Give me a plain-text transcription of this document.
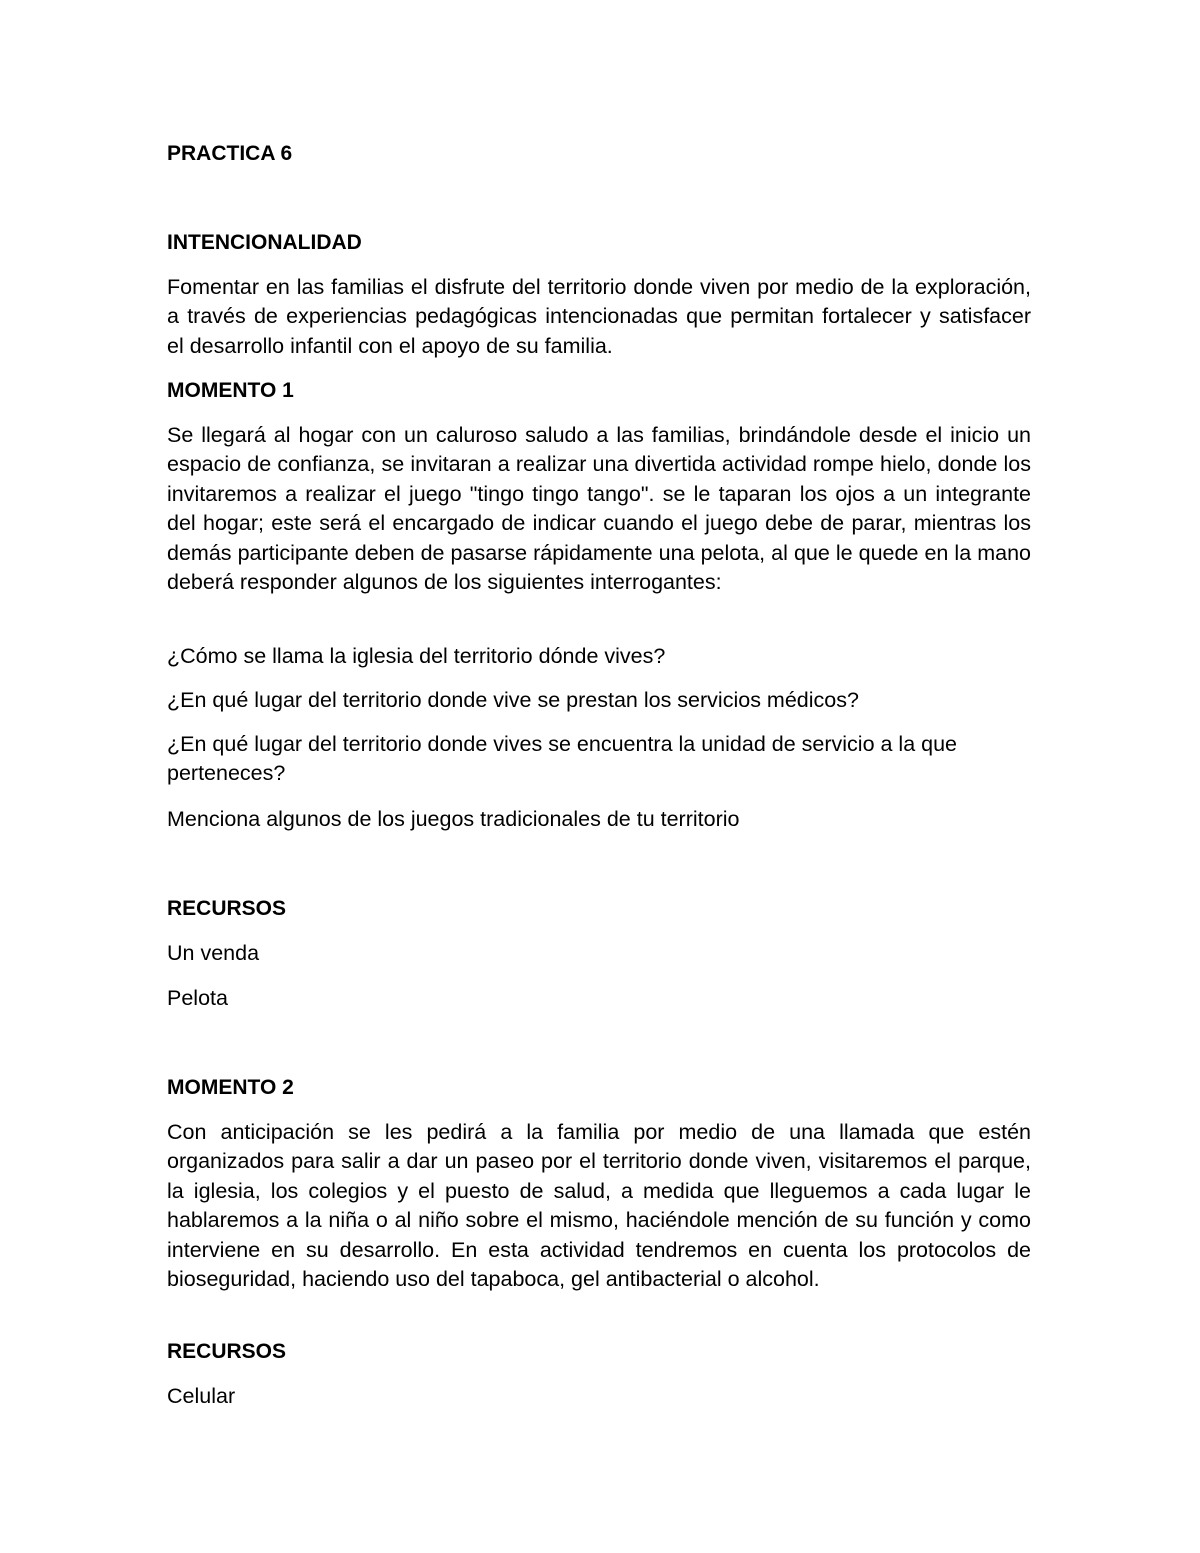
PRACTICA 6
INTENCIONALIDAD

Fomentar en las familias el disfrute del territorio donde viven por medio de la exploración, a través de experiencias pedagógicas intencionadas que permitan fortalecer y satisfacer el desarrollo infantil con el apoyo de su familia.

MOMENTO 1

Se llegará al hogar con un caluroso saludo a las familias, brindándole desde el inicio un espacio de confianza, se invitaran a realizar una divertida actividad rompe hielo, donde los invitaremos a realizar el juego "tingo tingo tango". se le taparan los ojos a un integrante del hogar; este será el encargado de indicar cuando el juego debe de parar, mientras los demás participante deben de pasarse rápidamente una pelota, al que le quede en la mano deberá responder algunos de los siguientes interrogantes:

¿Cómo se llama la iglesia del territorio dónde vives?

¿En qué lugar del territorio donde vive se prestan los servicios médicos?

¿En qué lugar del territorio donde vives se encuentra la unidad de servicio a la que perteneces?

Menciona algunos de los juegos tradicionales de tu territorio

RECURSOS

Un venda

Pelota

MOMENTO 2

Con anticipación se les pedirá a la familia por medio de una llamada que estén organizados para salir a dar un paseo por el territorio donde viven, visitaremos el parque, la iglesia, los colegios y el puesto de salud, a medida que lleguemos a cada lugar le hablaremos a la niña o al niño sobre el mismo, haciéndole mención de su función y como interviene en su desarrollo. En esta actividad tendremos en cuenta los protocolos de bioseguridad, haciendo uso del tapaboca, gel antibacterial o alcohol.

RECURSOS

Celular
